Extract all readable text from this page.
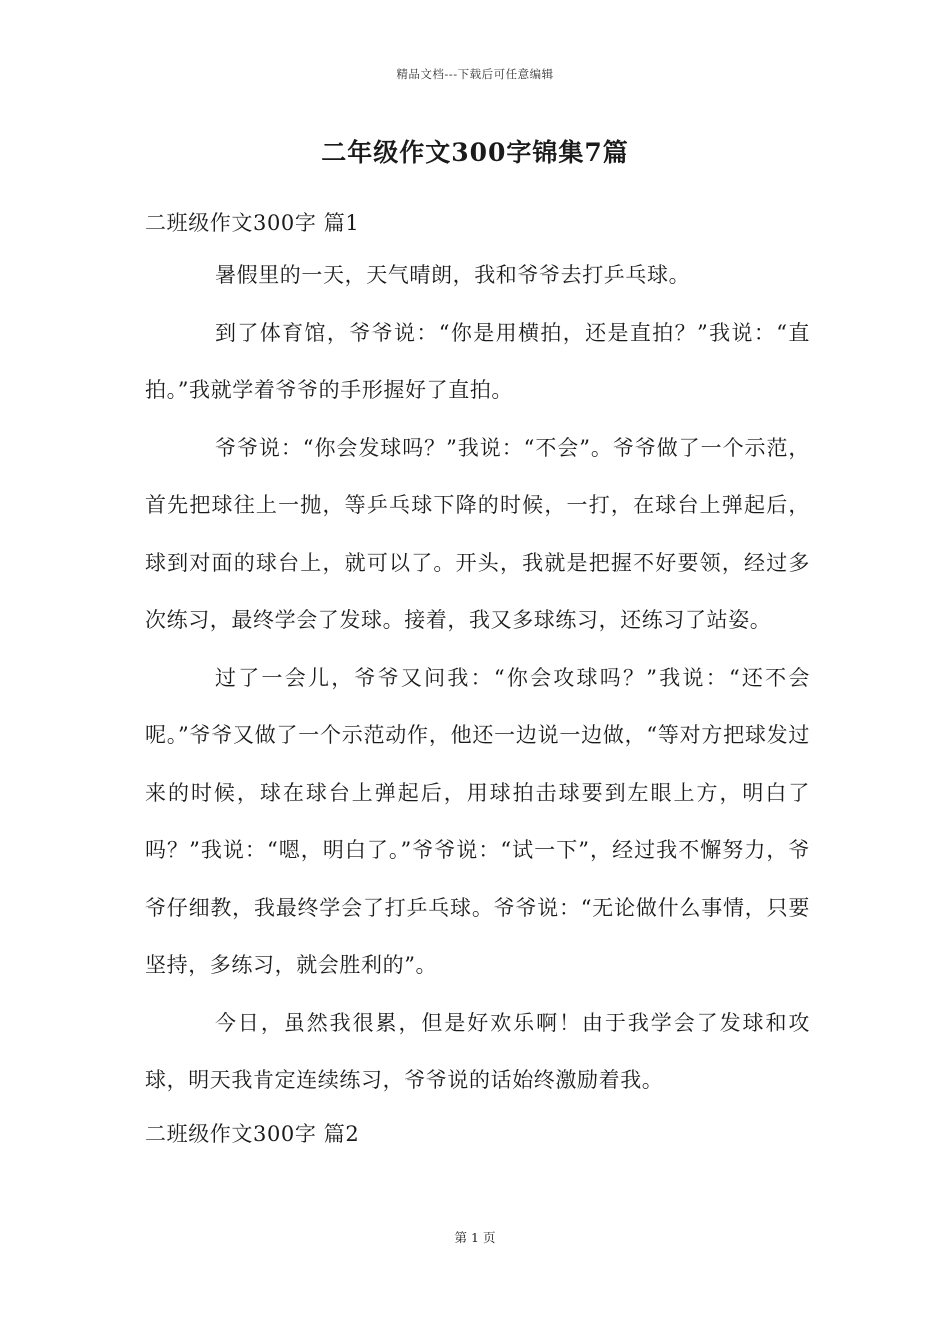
精品文档---下载后可任意编辑
二年级作文300字锦集7篇
二班级作文300字 篇1

暑假里的一天，天气晴朗，我和爷爷去打乒乓球。

到了体育馆，爷爷说：“你是用横拍，还是直拍？”我说：“直拍。”我就学着爷爷的手形握好了直拍。

爷爷说：“你会发球吗？”我说：“不会”。爷爷做了一个示范，首先把球往上一抛，等乒乓球下降的时候，一打，在球台上弹起后，球到对面的球台上，就可以了。开头，我就是把握不好要领，经过多次练习，最终学会了发球。接着，我又多球练习，还练习了站姿。

过了一会儿，爷爷又问我：“你会攻球吗？”我说：“还不会呢。”爷爷又做了一个示范动作，他还一边说一边做，“等对方把球发过来的时候，球在球台上弹起后，用球拍击球要到左眼上方，明白了吗？”我说：“嗯，明白了。”爷爷说：“试一下”，经过我不懈努力，爷爷仔细教，我最终学会了打乒乓球。爷爷说：“无论做什么事情，只要坚持，多练习，就会胜利的”。

今日，虽然我很累，但是好欢乐啊！由于我学会了发球和攻球，明天我肯定连续练习，爷爷说的话始终激励着我。

二班级作文300字 篇2
第 1 页
